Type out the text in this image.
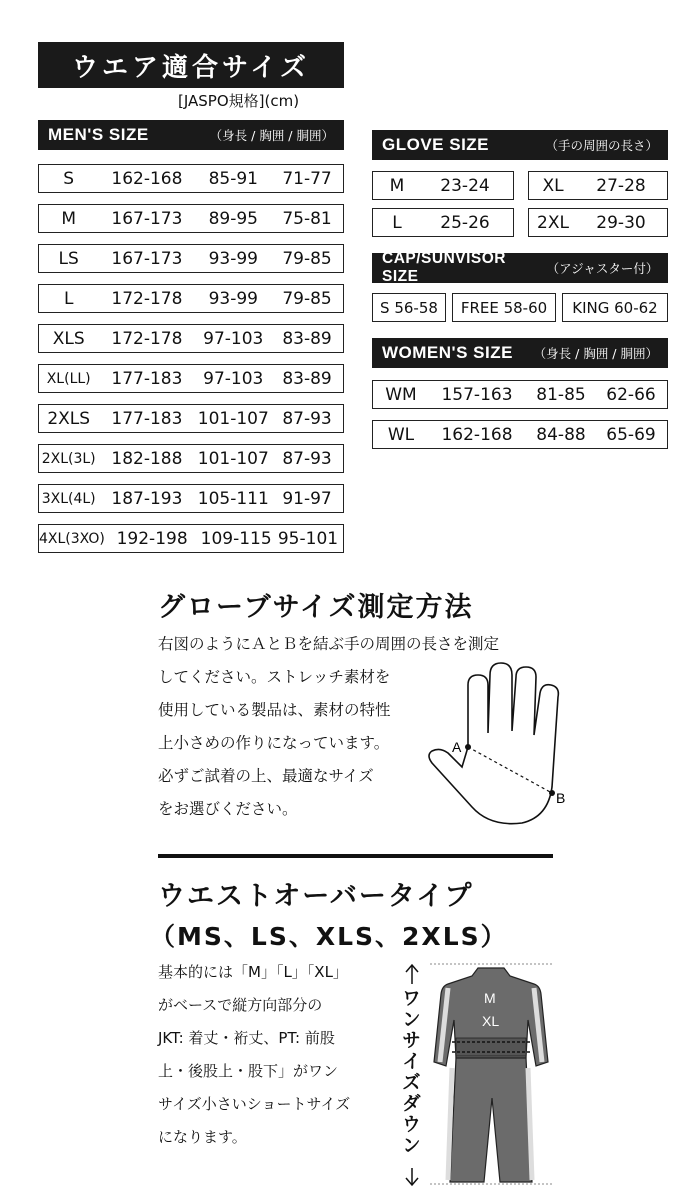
ウエア適合サイズ
[JASPO規格](cm)
MEN'S SIZE	（身長 / 胸囲 / 胴囲）
S	162-168	85-91	71-77
M	167-173	89-95	75-81
LS	167-173	93-99	79-85
L	172-178	93-99	79-85
XLS	172-178	97-103	83-89
XL(LL)	177-183	97-103	83-89
2XLS	177-183 101-107 87-93
2XL(3L) 182-188 101-107 87-93
3XL(4L) 187-193 105-111 91-97
4XL(3XO) 192-198 109-115 95-101
GLOVE SIZE	（手の周囲の長さ）
M	23-24	XL	27-28
L	25-26	2XL	29-30
CAP/SUNVISOR SIZE	（アジャスター付）
S 56-58	FREE 58-60	KING 60-62
WOMEN'S SIZE （身長 / 胸囲 / 胴囲）
WM	157-163	81-85	62-66
WL	162-168	84-88	65-69
グローブサイズ測定方法
右図のようにＡとＢを結ぶ手の周囲の長さを測定
してください。ストレッチ素材を
使用している製品は、素材の特性
上小さめの作りになっています。
必ずご試着の上、最適なサイズ
をお選びください。
A
B
ウエストオーバータイプ
（MS、LS、XLS、2XLS）
基本的には「M」「L」「XL」
がベースで縦方向部分の
JKT: 着丈・裄丈、PT: 前股
上・後股上・股下」がワン
サイズ小さいショートサイズ
になります。	ワンサイズダウン	M
XL
